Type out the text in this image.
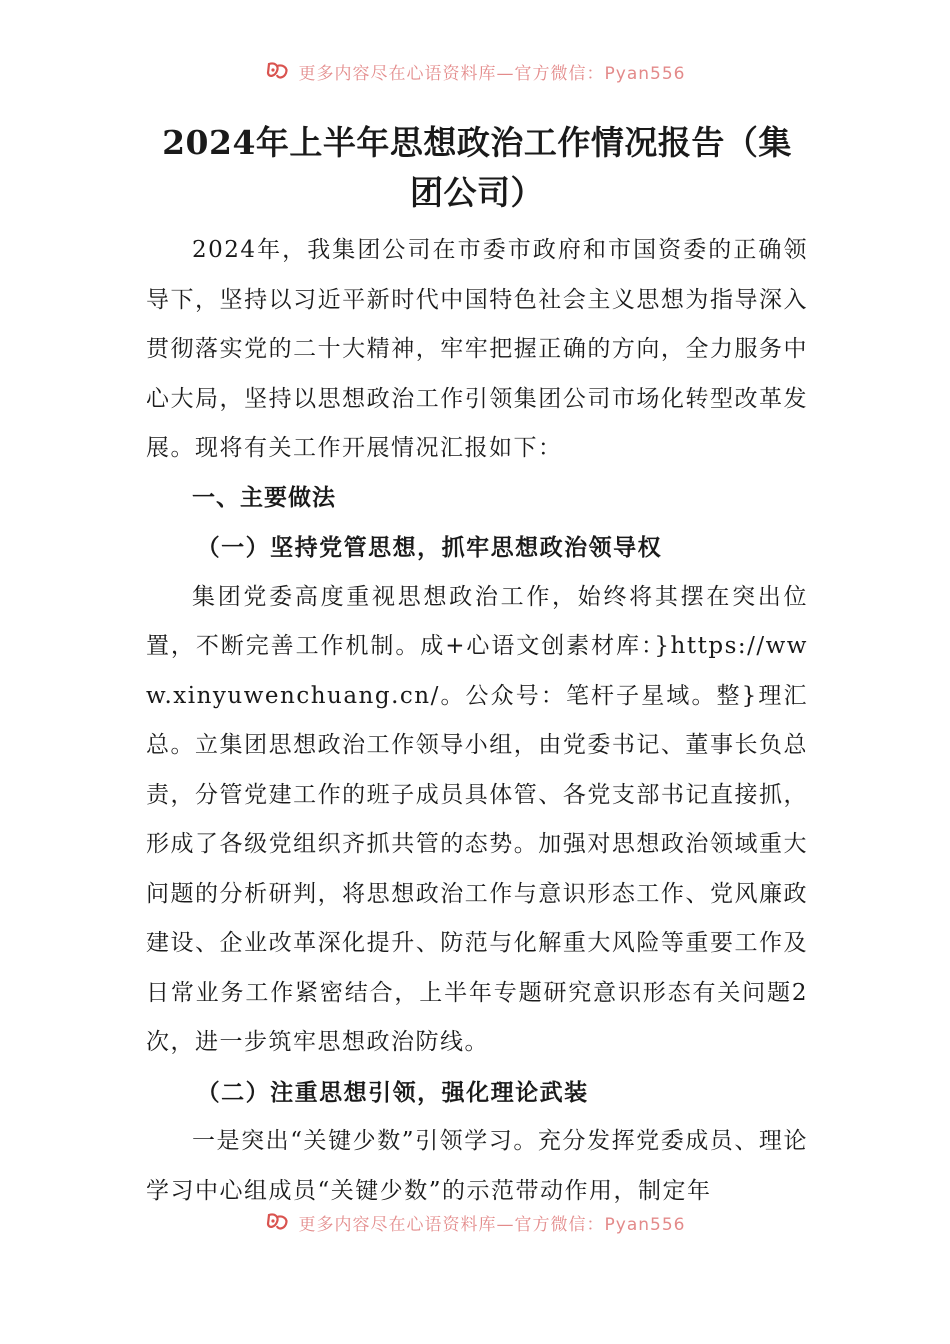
更多内容尽在心语资料库—官方微信：Pyan556
2024年上半年思想政治工作情况报告（集团公司）

2024年，我集团公司在市委市政府和市国资委的正确领导下，坚持以习近平新时代中国特色社会主义思想为指导深入贯彻落实党的二十大精神，牢牢把握正确的方向，全力服务中心大局，坚持以思想政治工作引领集团公司市场化转型改革发展。现将有关工作开展情况汇报如下：

一、主要做法

（一）坚持党管思想，抓牢思想政治领导权

集团党委高度重视思想政治工作，始终将其摆在突出位置，不断完善工作机制。成+心语文创素材库：}https://www.xinyuwenchuang.cn/。公众号：笔杆子星域。整}理汇总。立集团思想政治工作领导小组，由党委书记、董事长负总责，分管党建工作的班子成员具体管、各党支部书记直接抓，形成了各级党组织齐抓共管的态势。加强对思想政治领域重大问题的分析研判，将思想政治工作与意识形态工作、党风廉政建设、企业改革深化提升、防范与化解重大风险等重要工作及日常业务工作紧密结合，上半年专题研究意识形态有关问题2次，进一步筑牢思想政治防线。

（二）注重思想引领，强化理论武装

一是突出“关键少数”引领学习。充分发挥党委成员、理论学习中心组成员“关键少数”的示范带动作用，制定年

更多内容尽在心语资料库—官方微信：Pyan556
